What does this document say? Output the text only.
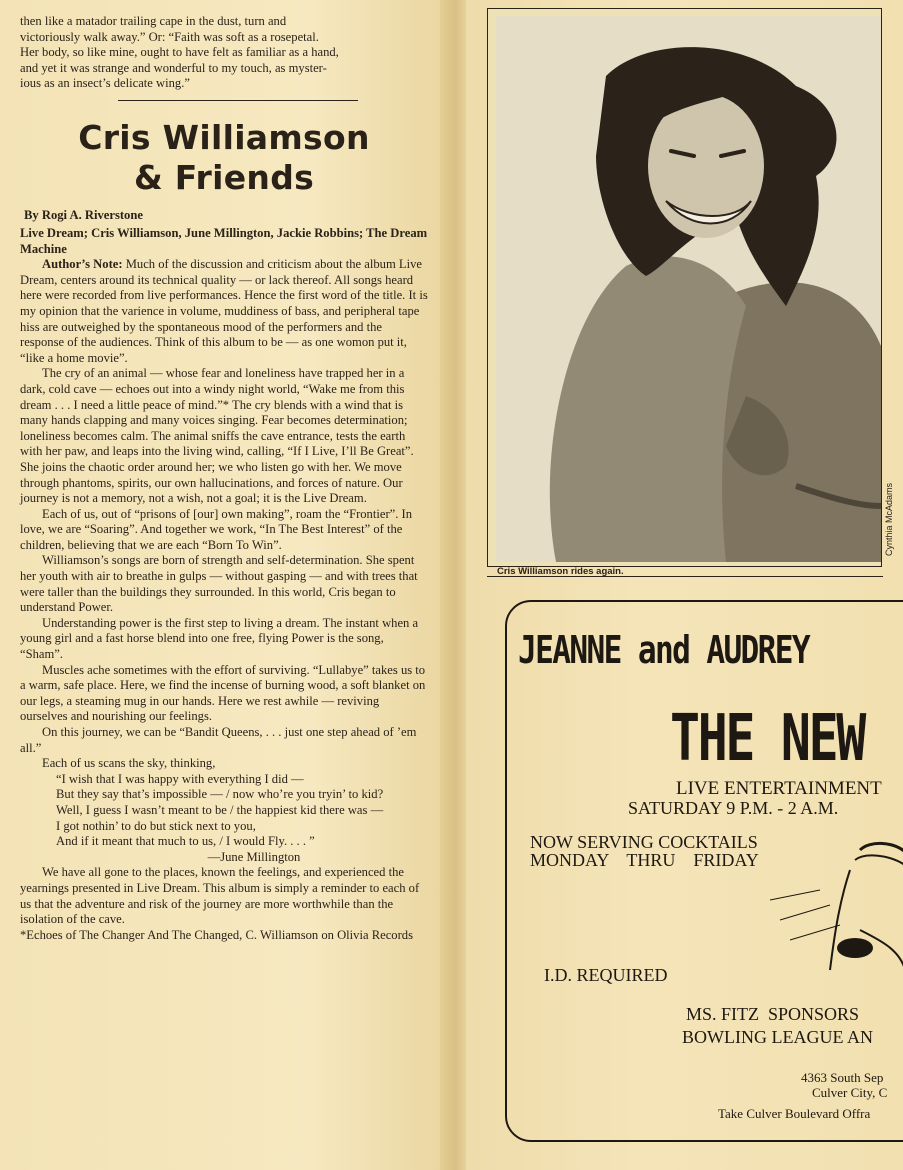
then like a matador trailing cape in the dust, turn and

victoriously walk away.” Or: “Faith was soft as a rosepetal.

Her body, so like mine, ought to have felt as familiar as a hand,

and yet it was strange and wonderful to my touch, as myster-

ious as an insect’s delicate wing.”

Cris Williamson
& Friends
By Rogi A. Riverstone

Live Dream; Cris Williamson, June Millington, Jackie Robbins; The Dream Machine

Author’s Note: Much of the discussion and criticism about the album Live Dream, centers around its technical quality — or lack thereof. All songs heard here were recorded from live performances. Hence the first word of the title. It is my opinion that the varience in volume, muddiness of bass, and peripheral tape hiss are outweighed by the spontaneous mood of the performers and the response of the audiences. Think of this album to be — as one womon put it, “like a home movie”.

The cry of an animal — whose fear and loneliness have trapped her in a dark, cold cave — echoes out into a windy night world, “Wake me from this dream . . . I need a little peace of mind.”* The cry blends with a wind that is many hands clapping and many voices singing. Fear becomes determination; loneliness becomes calm. The animal sniffs the cave entrance, tests the earth with her paw, and leaps into the living wind, calling, “If I Live, I’ll Be Great”. She joins the chaotic order around her; we who listen go with her. We move through phantoms, spirits, our own hallucinations, and forces of nature. Our journey is not a memory, not a wish, not a goal; it is the Live Dream.

Each of us, out of “prisons of [our] own making”, roam the “Frontier”. In love, we are “Soaring”. And together we work, “In The Best Interest” of the children, believing that we are each “Born To Win”.

Williamson’s songs are born of strength and self-determination. She spent her youth with air to breathe in gulps — without gasping — and with trees that were taller than the buildings they surrounded. In this world, Cris began to understand Power.

Understanding power is the first step to living a dream. The instant when a young girl and a fast horse blend into one free, flying Power is the song, “Sham”.

Muscles ache sometimes with the effort of surviving. “Lullabye” takes us to a warm, safe place. Here, we find the incense of burning wood, a soft blanket on our legs, a steaming mug in our hands. Here we rest awhile — reviving ourselves and nourishing our feelings.

On this journey, we can be “Bandit Queens, . . . just one step ahead of ’em all.”

Each of us scans the sky, thinking,

“I wish that I was happy with everything I did —

But they say that’s impossible — / now who’re you tryin’ to kid?

Well, I guess I wasn’t meant to be / the happiest kid there was —

I got nothin’ to do but stick next to you,

And if it meant that much to us, / I would Fly. . . . ”

—June Millington

We have all gone to the places, known the feelings, and experienced the yearnings presented in Live Dream. This album is simply a reminder to each of us that the adventure and risk of the journey are more worthwhile than the isolation of the cave.

*Echoes of The Changer And The Changed, C. Williamson on Olivia Records

Cynthia McAdams
Cris Williamson rides again.
JEANNE and AUDREY
THE NEW
LIVE ENTERTAINMENT
SATURDAY 9 P.M. - 2 A.M.
NOW SERVING COCKTAILS
MONDAY    THRU    FRIDAY
I.D. REQUIRED
MS. FITZ  SPONSORS
BOWLING LEAGUE AN
4363 South Sep
Culver City, C
Take Culver Boulevard Offra
